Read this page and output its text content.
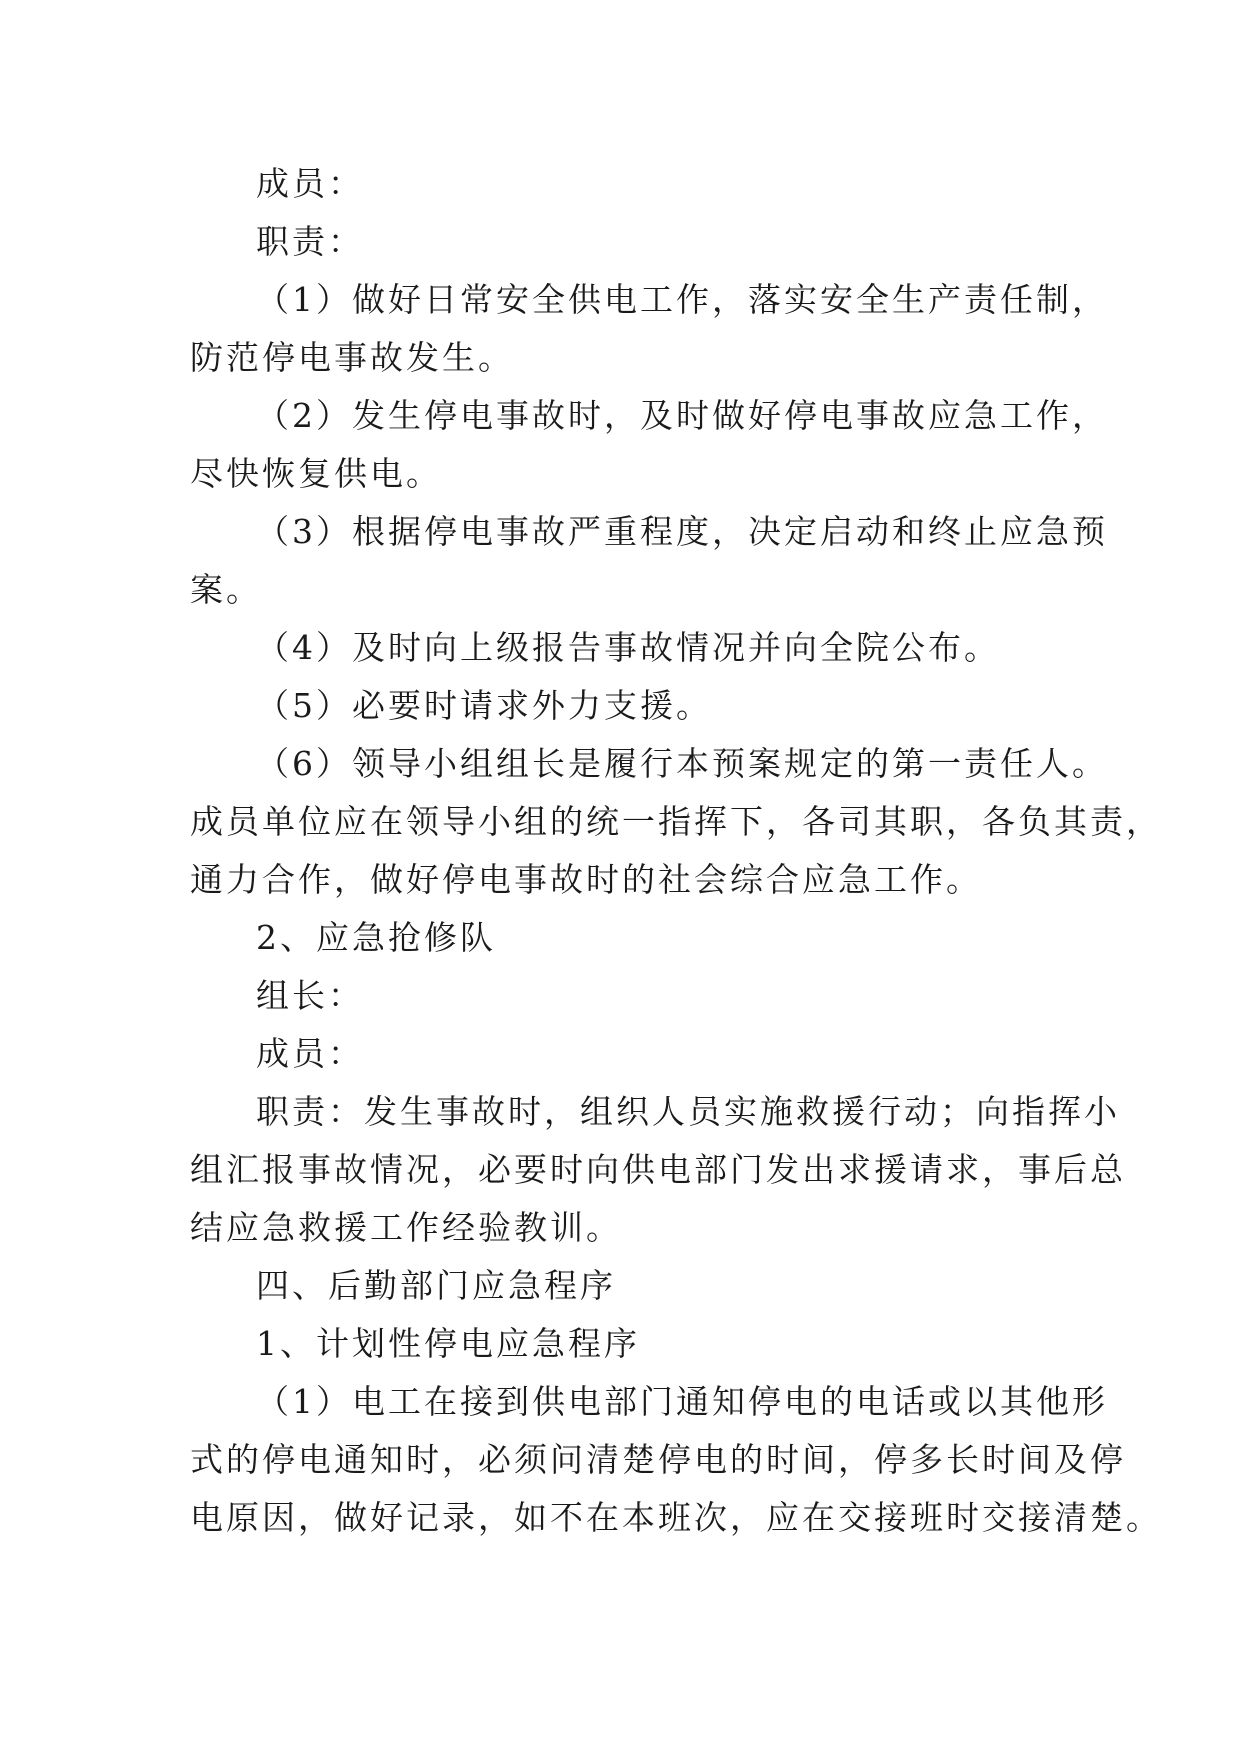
成员：
职责：
（1）做好日常安全供电工作，落实安全生产责任制，
防范停电事故发生。
（2）发生停电事故时，及时做好停电事故应急工作，
尽快恢复供电。
（3）根据停电事故严重程度，决定启动和终止应急预
案。
（4）及时向上级报告事故情况并向全院公布。
（5）必要时请求外力支援。
（6）领导小组组长是履行本预案规定的第一责任人。
成员单位应在领导小组的统一指挥下，各司其职，各负其责，
通力合作，做好停电事故时的社会综合应急工作。
2、应急抢修队
组长：
成员：
职责：发生事故时，组织人员实施救援行动；向指挥小
组汇报事故情况，必要时向供电部门发出求援请求，事后总
结应急救援工作经验教训。
四、后勤部门应急程序
1、计划性停电应急程序
（1）电工在接到供电部门通知停电的电话或以其他形
式的停电通知时，必须问清楚停电的时间，停多长时间及停
电原因，做好记录，如不在本班次，应在交接班时交接清楚。
